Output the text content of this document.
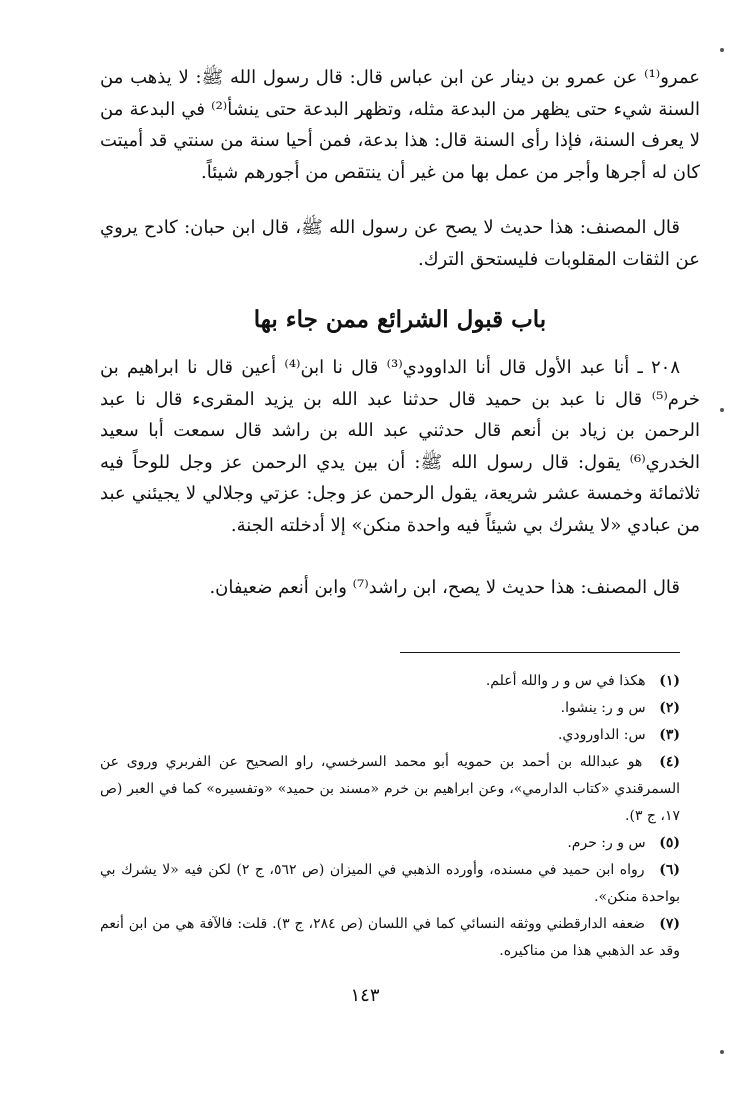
عمرو⁽¹⁾ عن عمرو بن دينار عن ابن عباس قال: قال رسول الله ﷺ: لا يذهب من السنة شيء حتى يظهر من البدعة مثله، وتظهر البدعة حتى ينشأ⁽²⁾ في البدعة من لا يعرف السنة، فإذا رأى السنة قال: هذا بدعة، فمن أحيا سنة من سنتي قد أميتت كان له أجرها وأجر من عمل بها من غير أن ينتقص من أجورهم شيئاً.

قال المصنف: هذا حديث لا يصح عن رسول الله ﷺ، قال ابن حبان: كادح يروي عن الثقات المقلوبات فليستحق الترك.

باب قبول الشرائع ممن جاء بها

٢٠٨ ـ أنا عبد الأول قال أنا الداوودي⁽³⁾ قال نا ابن⁽⁴⁾ أعين قال نا ابراهيم بن خرم⁽⁵⁾ قال نا عبد بن حميد قال حدثنا عبد الله بن يزيد المقرىء قال نا عبد الرحمن بن زياد بن أنعم قال حدثني عبد الله بن راشد قال سمعت أبا سعيد الخدري⁽⁶⁾ يقول: قال رسول الله ﷺ: أن بين يدي الرحمن عز وجل للوحاً فيه ثلاثمائة وخمسة عشر شريعة، يقول الرحمن عز وجل: عزتي وجلالي لا يجيئني عبد من عبادي «لا يشرك بي شيئاً فيه واحدة منكن» إلا أدخلته الجنة.

قال المصنف: هذا حديث لا يصح، ابن راشد⁽⁷⁾ وابن أنعم ضعيفان.

(١) هكذا في س و ر والله أعلم.

(٢) س و ر: ينشوا.

(٣) س: الداورودي.

(٤) هو عبدالله بن أحمد بن حمويه أبو محمد السرخسي، راو الصحيح عن الفربري وروى عن السمرقندي «كتاب الدارمي»، وعن ابراهيم بن خرم «مسند بن حميد» «وتفسيره» كما في العبر (ص ١٧، ج ٣).

(٥) س و ر: حرم.

(٦) رواه ابن حميد في مسنده، وأورده الذهبي في الميزان (ص ٥٦٢، ج ٢) لكن فيه «لا يشرك بي بواحدة منكن».

(٧) ضعفه الدارقطني ووثقه النسائي كما في اللسان (ص ٢٨٤، ج ٣). قلت: فالآفة هي من ابن أنعم وقد عد الذهبي هذا من مناكيره.

١٤٣
